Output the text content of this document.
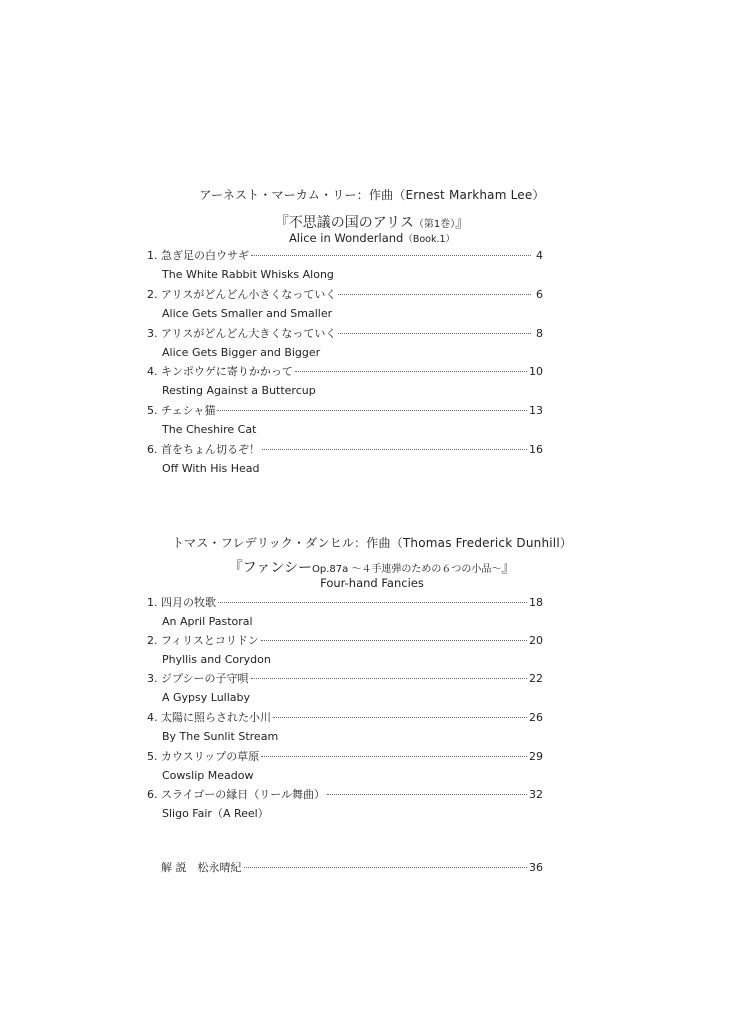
アーネスト・マーカム・リー：作曲（Ernest Markham Lee）
『不思議の国のアリス（第1巻）』
Alice in Wonderland（Book.1）
1. 急ぎ足の白ウサギ	4
The White Rabbit Whisks Along
2. アリスがどんどん小さくなっていく	6
Alice Gets Smaller and Smaller
3. アリスがどんどん大きくなっていく	8
Alice Gets Bigger and Bigger
4. キンポウゲに寄りかかって	10
Resting Against a Buttercup
5. チェシャ猫	13
The Cheshire Cat
6. 首をちょん切るぞ！	16
Off With His Head
トマス・フレデリック・ダンヒル：作曲（Thomas Frederick Dunhill）
『ファンシーOp.87a ～４手連弾のための６つの小品～』
Four-hand Fancies
1. 四月の牧歌	18
An April Pastoral
2. フィリスとコリドン	20
Phyllis and Corydon
3. ジプシーの子守唄	22
A Gypsy Lullaby
4. 太陽に照らされた小川	26
By The Sunlit Stream
5. カウスリップの草原	29
Cowslip Meadow
6. スライゴーの縁日（リール舞曲）	32
Sligo Fair（A Reel）
解 説　松永晴紀	36
